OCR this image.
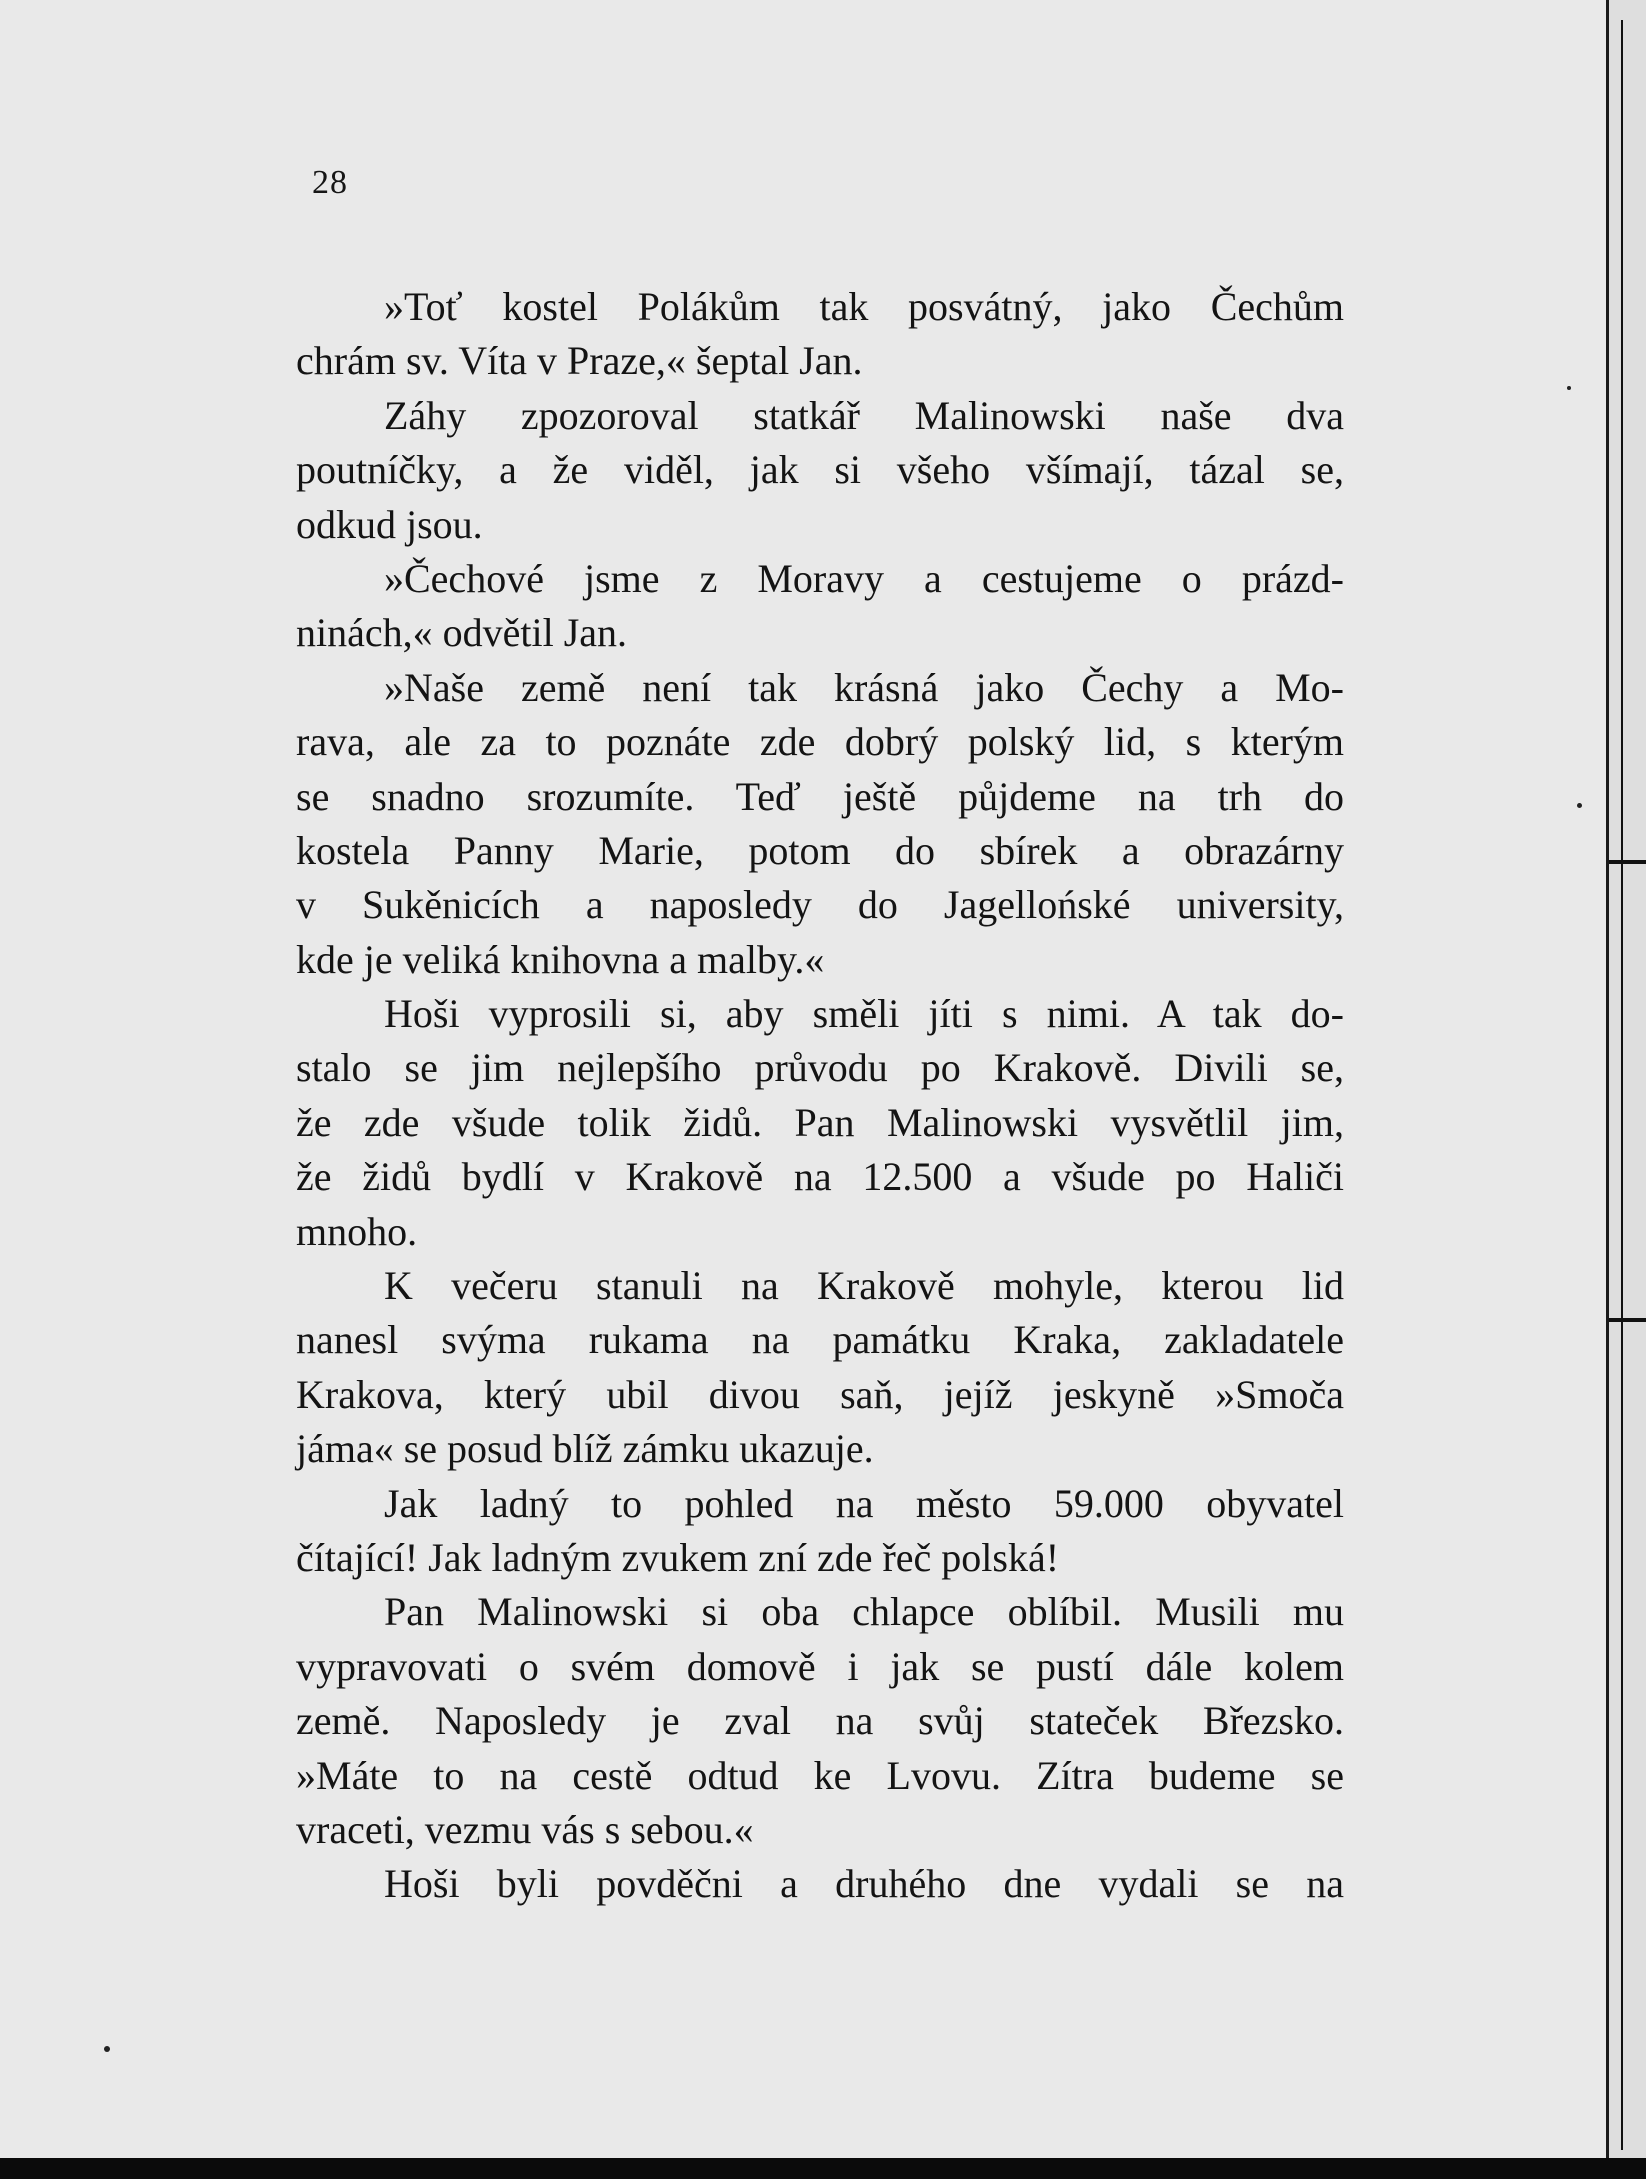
28
»Toť kostel Polákům tak posvátný, jako Čechům
chrám sv. Víta v Praze,« šeptal Jan.
Záhy zpozoroval statkář Malinowski naše dva
poutníčky, a že viděl, jak si všeho všímají, tázal se,
odkud jsou.
»Čechové jsme z Moravy a cestujeme o prázd-
ninách,« odvětil Jan.
»Naše země není tak krásná jako Čechy a Mo-
rava, ale za to poznáte zde dobrý polský lid, s kterým
se snadno srozumíte. Teď ještě půjdeme na trh do
kostela Panny Marie, potom do sbírek a obrazárny
v Sukěnicích a naposledy do Jagellońské university,
kde je veliká knihovna a malby.«
Hoši vyprosili si, aby směli jíti s nimi. A tak do-
stalo se jim nejlepšího průvodu po Krakově. Divili se,
že zde všude tolik židů. Pan Malinowski vysvětlil jim,
že židů bydlí v Krakově na 12.500 a všude po Haliči
mnoho.
K večeru stanuli na Krakově mohyle, kterou lid
nanesl svýma rukama na památku Kraka, zakladatele
Krakova, který ubil divou saň, jejíž jeskyně »Smoča
jáma« se posud blíž zámku ukazuje.
Jak ladný to pohled na město 59.000 obyvatel
čítající! Jak ladným zvukem zní zde řeč polská!
Pan Malinowski si oba chlapce oblíbil. Musili mu
vypravovati o svém domově i jak se pustí dále kolem
země. Naposledy je zval na svůj stateček Březsko.
»Máte to na cestě odtud ke Lvovu. Zítra budeme se
vraceti, vezmu vás s sebou.«
Hoši byli povděčni a druhého dne vydali se na
